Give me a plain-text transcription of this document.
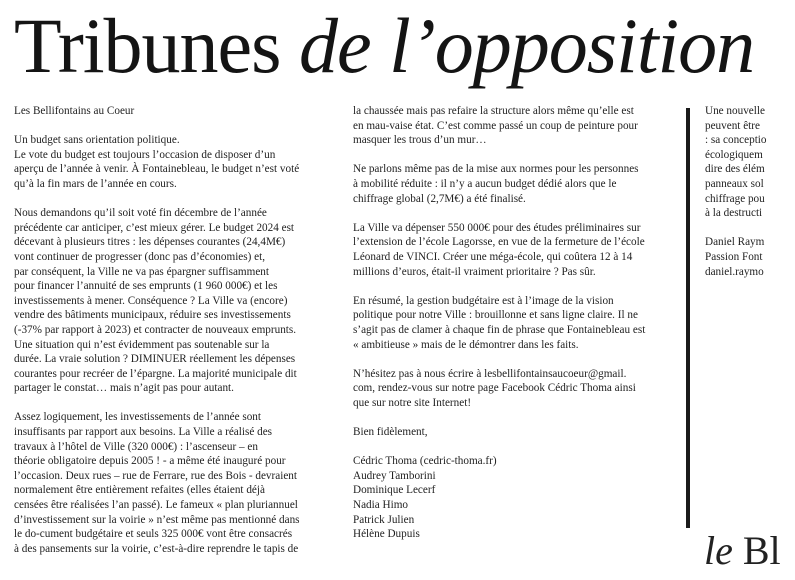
Tribunes de l’opposition

Les Bellifontains au Coeur

Un budget sans orientation politique.
Le vote du budget est toujours l’occasion de disposer d’un
aperçu de l’année à venir. À Fontainebleau, le budget n’est voté
qu’à la fin mars de l’année en cours.

Nous demandons qu’il soit voté fin décembre de l’année
précédente car anticiper, c’est mieux gérer. Le budget 2024 est
décevant à plusieurs titres : les dépenses courantes (24,4M€)
vont continuer de progresser (donc pas d’économies) et,
par conséquent, la Ville ne va pas épargner suffisamment
pour financer l’annuité de ses emprunts (1 960 000€) et les
investissements à mener. Conséquence ? La Ville va (encore)
vendre des bâtiments municipaux, réduire ses investissements
(-37% par rapport à 2023) et contracter de nouveaux emprunts.
Une situation qui n’est évidemment pas soutenable sur la
durée. La vraie solution ? DIMINUER réellement les dépenses
courantes pour recréer de l’épargne. La majorité municipale dit
partager le constat… mais n’agit pas pour autant.

Assez logiquement, les investissements de l’année sont
insuffisants par rapport aux besoins. La Ville a réalisé des
travaux à l’hôtel de Ville (320 000€) : l’ascenseur – en
théorie obligatoire depuis 2005 ! - a même été inauguré pour
l’occasion. Deux rues – rue de Ferrare, rue des Bois - devraient
normalement être entièrement refaites (elles étaient déjà
censées être réalisées l’an passé). Le fameux « plan pluriannuel
d’investissement sur la voirie » n’est même pas mentionné dans
le do-cument budgétaire et seuls 325 000€ vont être consacrés
à des pansements sur la voirie, c’est-à-dire reprendre le tapis de

la chaussée mais pas refaire la structure alors même qu’elle est
en mau-vaise état. C’est comme passé un coup de peinture pour
masquer les trous d’un mur…

Ne parlons même pas de la mise aux normes pour les personnes
à mobilité réduite : il n’y a aucun budget dédié alors que le
chiffrage global (2,7M€) a été finalisé.

La Ville va dépenser 550 000€ pour des études préliminaires sur
l’extension de l’école Lagorsse, en vue de la fermeture de l’école
Léonard de VINCI. Créer une méga-école, qui coûtera 12 à 14
millions d’euros, était-il vraiment prioritaire ? Pas sûr.

En résumé, la gestion budgétaire est à l’image de la vision
politique pour notre Ville : brouillonne et sans ligne claire. Il ne
s’agit pas de clamer à chaque fin de phrase que Fontainebleau est
« ambitieuse » mais de le démontrer dans les faits.

N’hésitez pas à nous écrire à lesbellifontainsaucoeur@gmail.
com, rendez-vous sur notre page Facebook Cédric Thoma ainsi
que sur notre site Internet!

Bien fidèlement,

Cédric Thoma (cedric-thoma.fr)
Audrey Tamborini
Dominique Lecerf
Nadia Himo
Patrick Julien
Hélène Dupuis

Une nouvelle
peuvent être
: sa conceptio
écologiquem
dire des élém
panneaux sol
chiffrage pou
à la destructi

Daniel Raym
Passion Font
daniel.raymo

le Bl
